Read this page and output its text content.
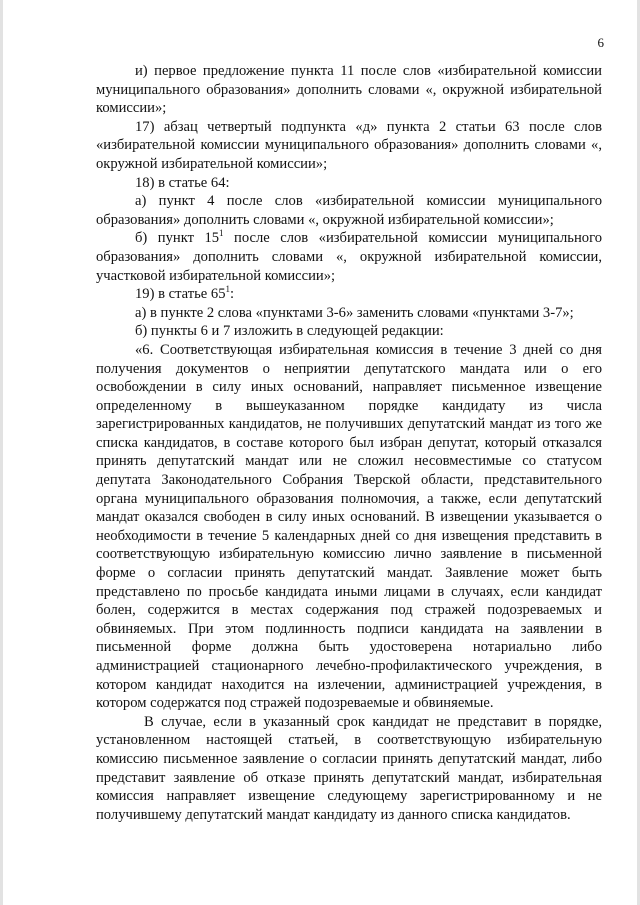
6

и) первое предложение пункта 11 после слов «избирательной комиссии муниципального образования» дополнить словами «, окружной избирательной комиссии»;

17) абзац четвертый подпункта «д» пункта 2 статьи 63 после слов «избирательной комиссии муниципального образования» дополнить словами «, окружной избирательной комиссии»;

18) в статье 64:

а) пункт 4 после слов «избирательной комиссии муниципального образования» дополнить словами «, окружной избирательной комиссии»;

б) пункт $15^1$ после слов «избирательной комиссии муниципального образования» дополнить словами «, окружной избирательной комиссии, участковой избирательной комиссии»;

19) в статье $65^1$:

а) в пункте 2 слова «пунктами 3-6» заменить словами «пунктами 3-7»;

б) пункты 6 и 7 изложить в следующей редакции:

«6. Соответствующая избирательная комиссия в течение 3 дней со дня получения документов о неприятии депутатского мандата или о его освобождении в силу иных оснований, направляет письменное извещение определенному в вышеуказанном порядке кандидату из числа зарегистрированных кандидатов, не получивших депутатский мандат из того же списка кандидатов, в составе которого был избран депутат, который отказался принять депутатский мандат или не сложил несовместимые со статусом депутата Законодательного Собрания Тверской области, представительного органа муниципального образования полномочия, а также, если депутатский мандат оказался свободен в силу иных оснований. В извещении указывается о необходимости в течение 5 календарных дней со дня извещения представить в соответствующую избирательную комиссию лично заявление в письменной форме о согласии принять депутатский мандат. Заявление может быть представлено по просьбе кандидата иными лицами в случаях, если кандидат болен, содержится в местах содержания под стражей подозреваемых и обвиняемых. При этом подлинность подписи кандидата на заявлении в письменной форме должна быть удостоверена нотариально либо администрацией стационарного лечебно-профилактического учреждения, в котором кандидат находится на излечении, администрацией учреждения, в котором содержатся под стражей подозреваемые и обвиняемые.

В случае, если в указанный срок кандидат не представит в порядке, установленном настоящей статьей, в соответствующую избирательную комиссию письменное заявление о согласии принять депутатский мандат, либо представит заявление об отказе принять депутатский мандат, избирательная комиссия направляет извещение следующему зарегистрированному и не получившему депутатский мандат кандидату из данного списка кандидатов.
